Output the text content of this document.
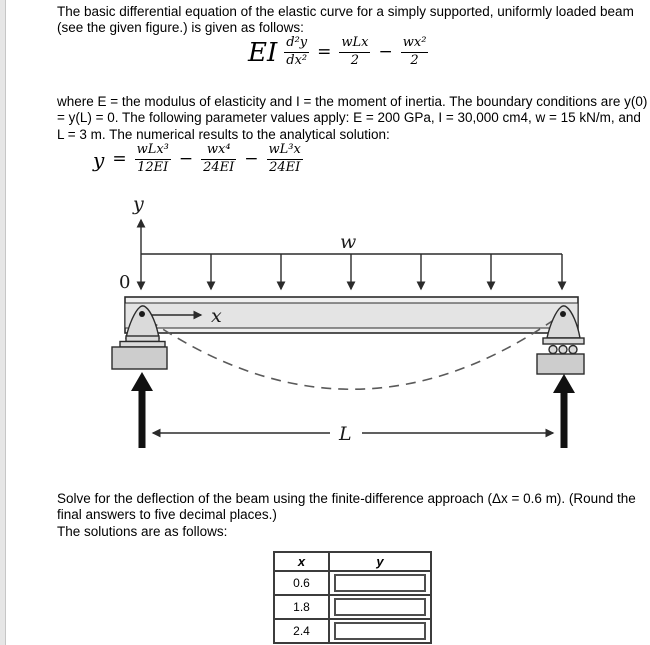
The basic differential equation of the elastic curve for a simply supported, uniformly loaded beam (see the given figure.) is given as follows:
EI $\frac{\text{d²y}}{\text{dx²}} = \frac{\text{wLx}}{2} - \frac{\text{wx²}}{2}$
where E = the modulus of elasticity and I = the moment of inertia. The boundary conditions are y(0) = y(L) = 0. The following parameter values apply: E = 200 GPa, I = 30,000 cm4, w = 15 kN/m, and L = 3 m. The numerical results to the analytical solution:
$y = \frac{\text{wLx³}}{12EI} - \frac{\text{wx⁴}}{24EI} - \frac{\text{wL³x}}{24EI}$
w
y
0
x
L
Solve for the deflection of the beam using the finite-difference approach (Δx = 0.6 m). (Round the final answers to five decimal places.)
The solutions are as follows:
x	y
0.6	

1.8	

2.4	
